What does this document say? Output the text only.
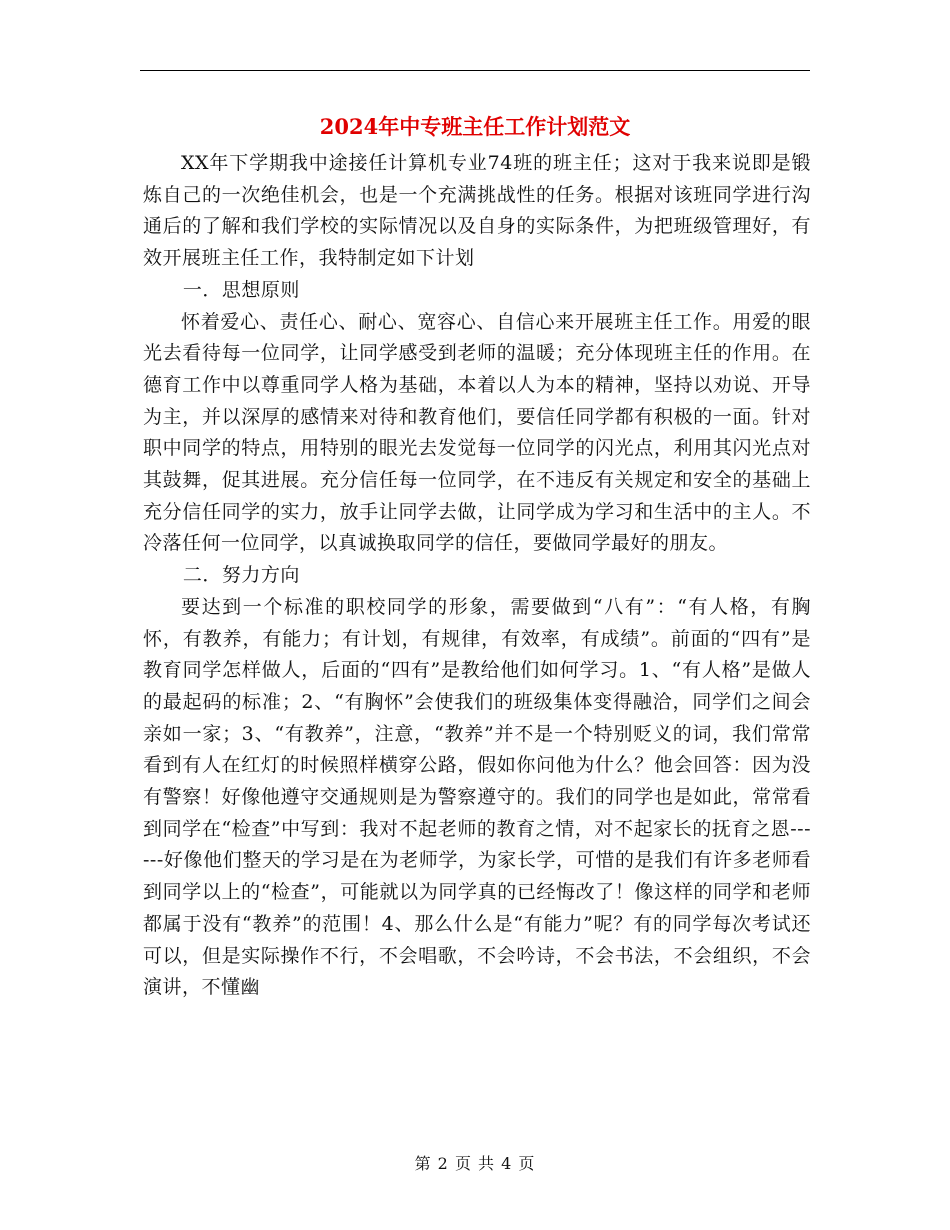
2024年中专班主任工作计划范文

XX年下学期我中途接任计算机专业74班的班主任；这对于我来说即是锻炼自己的一次绝佳机会，也是一个充满挑战性的任务。根据对该班同学进行沟通后的了解和我们学校的实际情况以及自身的实际条件，为把班级管理好，有效开展班主任工作，我特制定如下计划

一．思想原则

怀着爱心、责任心、耐心、宽容心、自信心来开展班主任工作。用爱的眼光去看待每一位同学，让同学感受到老师的温暖；充分体现班主任的作用。在德育工作中以尊重同学人格为基础，本着以人为本的精神，坚持以劝说、开导为主，并以深厚的感情来对待和教育他们，要信任同学都有积极的一面。针对职中同学的特点，用特别的眼光去发觉每一位同学的闪光点，利用其闪光点对其鼓舞，促其进展。充分信任每一位同学，在不违反有关规定和安全的基础上充分信任同学的实力，放手让同学去做，让同学成为学习和生活中的主人。不冷落任何一位同学，以真诚换取同学的信任，要做同学最好的朋友。

二．努力方向

要达到一个标准的职校同学的形象，需要做到“八有”：“有人格，有胸怀，有教养，有能力；有计划，有规律，有效率，有成绩”。前面的“四有”是教育同学怎样做人，后面的“四有”是教给他们如何学习。1、“有人格”是做人的最起码的标准；2、“有胸怀”会使我们的班级集体变得融洽，同学们之间会亲如一家；3、“有教养”，注意，“教养”并不是一个特别贬义的词，我们常常看到有人在红灯的时候照样横穿公路，假如你问他为什么？他会回答：因为没有警察！好像他遵守交通规则是为警察遵守的。我们的同学也是如此，常常看到同学在“检查”中写到：我对不起老师的教育之情，对不起家长的抚育之恩------好像他们整天的学习是在为老师学，为家长学，可惜的是我们有许多老师看到同学以上的“检查”，可能就以为同学真的已经悔改了！像这样的同学和老师都属于没有“教养”的范围！4、那么什么是“有能力”呢？有的同学每次考试还可以，但是实际操作不行，不会唱歌，不会吟诗，不会书法，不会组织，不会演讲，不懂幽

第 2 页 共 4 页
